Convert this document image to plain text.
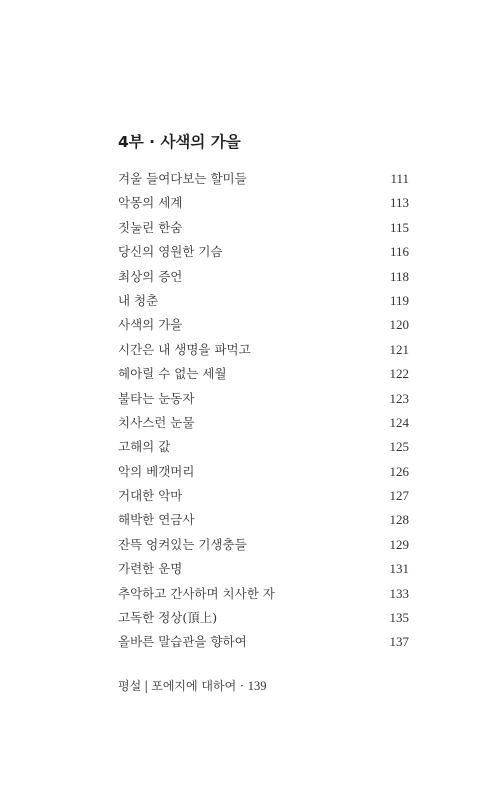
4부 · 사색의 가을
겨울 들여다보는 할미들	111
악몽의 세계	113
짓눌린 한숨	115
당신의 영원한 기슴	116
최상의 증언	118
내 청춘	119
사색의 가을	120
시간은 내 생명을 파먹고	121
헤아릴 수 없는 세월	122
불타는 눈동자	123
치사스런 눈물	124
고해의 값	125
악의 베갯머리	126
거대한 악마	127
해박한 연금사	128
잔뜩 엉켜있는 기생충들	129
가련한 운명	131
추악하고 간사하며 치사한 자	133
고독한 정상(頂上)	135
올바른 말습관을 향하여	137
평설 | 포에지에 대하여 · 139
